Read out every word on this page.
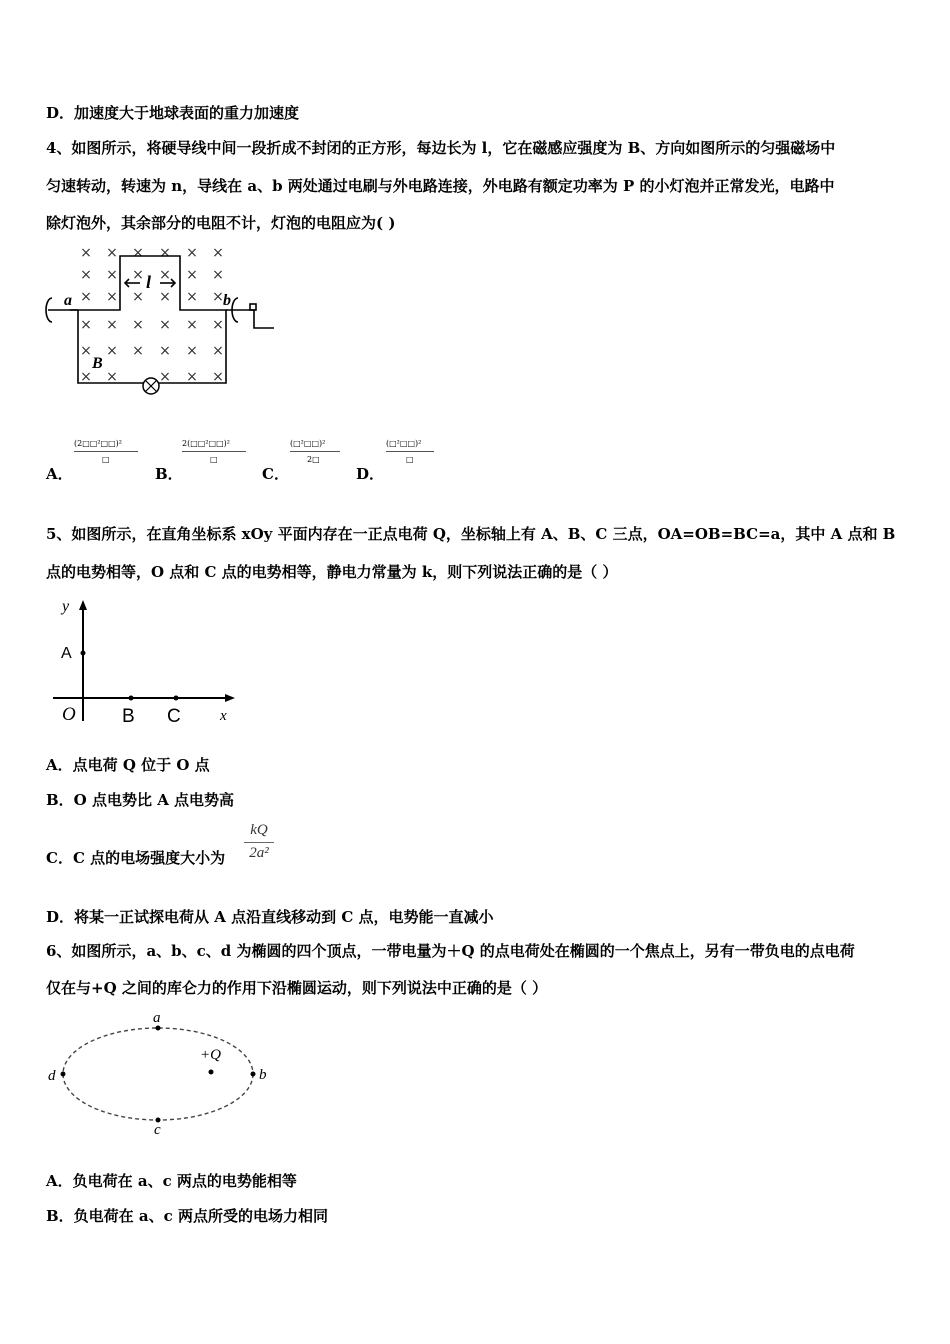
D．加速度大于地球表面的重力加速度
4、如图所示，将硬导线中间一段折成不封闭的正方形，每边长为 l，它在磁感应强度为 B、方向如图所示的匀强磁场中
匀速转动，转速为 n，导线在 a、b 两处通过电刷与外电路连接，外电路有额定功率为 P 的小灯泡并正常发光，电路中
除灯泡外，其余部分的电阻不计，灯泡的电阻应为( )
× × × × × ×
× × × × × ×
× × × × × ×
× × × × × ×
× × × × × ×
× ×	× × ×
a	b
l
B
A．
(2□□²□□)²
□
B．
2(□□²□□)²
□
C．
(□²□□)²
2□
D．
(□²□□)²
□
5、如图所示，在直角坐标系 xOy 平面内存在一正点电荷 Q，坐标轴上有 A、B、C 三点，OA=OB=BC=a，其中 A 点和 B
点的电势相等，O 点和 C 点的电势相等，静电力常量为 k，则下列说法正确的是（ ）
y
A
O B C	x
A．点电荷 Q 位于 O 点
B．O 点电势比 A 点电势高
C．C 点的电场强度大小为
kQ
2a²
D．将某一正试探电荷从 A 点沿直线移动到 C 点，电势能一直减小
6、如图所示，a、b、c、d 为椭圆的四个顶点，一带电量为＋Q 的点电荷处在椭圆的一个焦点上，另有一带负电的点电荷
仅在与+Q 之间的库仑力的作用下沿椭圆运动，则下列说法中正确的是（ ）
a
b
c
d
+Q
A．负电荷在 a、c 两点的电势能相等
B．负电荷在 a、c 两点所受的电场力相同
